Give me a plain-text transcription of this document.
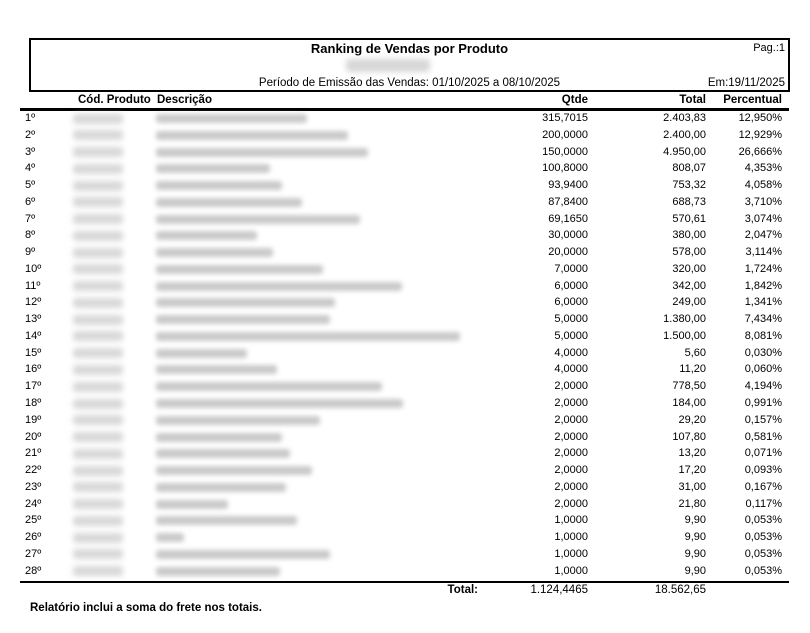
Ranking de Vendas por Produto	Pag.:1
Período de Emissão das Vendas: 01/10/2025 a 08/10/2025	Em:19/11/2025
Cód. Produto Descrição	Qtde	Total	Percentual
1º	315,7015	2.403,83	12,950%
2º	200,0000	2.400,00	12,929%
3º	150,0000	4.950,00	26,666%
4º	100,8000	808,07	4,353%
5º	93,9400	753,32	4,058%
6º	87,8400	688,73	3,710%
7º	69,1650	570,61	3,074%
8º	30,0000	380,00	2,047%
9º	20,0000	578,00	3,114%
10º	7,0000	320,00	1,724%
11º	6,0000	342,00	1,842%
12º	6,0000	249,00	1,341%
13º	5,0000	1.380,00	7,434%
14º	5,0000	1.500,00	8,081%
15º	4,0000	5,60	0,030%
16º	4,0000	11,20	0,060%
17º	2,0000	778,50	4,194%
18º	2,0000	184,00	0,991%
19º	2,0000	29,20	0,157%
20º	2,0000	107,80	0,581%
21º	2,0000	13,20	0,071%
22º	2,0000	17,20	0,093%
23º	2,0000	31,00	0,167%
24º	2,0000	21,80	0,117%
25º	1,0000	9,90	0,053%
26º	1,0000	9,90	0,053%
27º	1,0000	9,90	0,053%
28º	1,0000	9,90	0,053%
Total:	1.124,4465	18.562,65
Relatório inclui a soma do frete nos totais.
